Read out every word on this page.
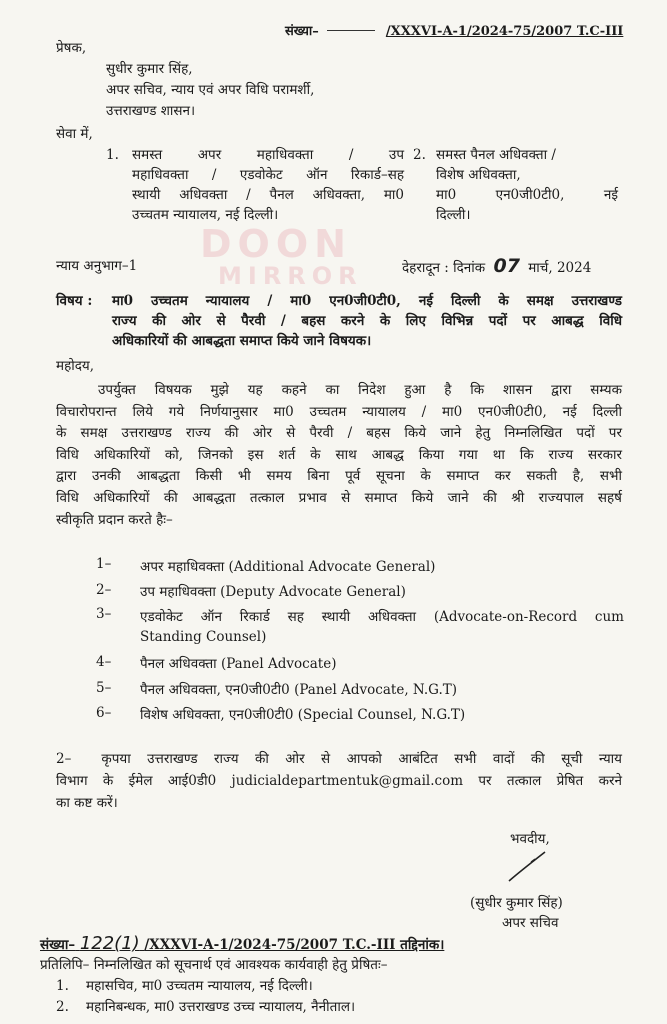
DOON
MIRROR
संख्या–	/XXXVI-A-1/2024-75/2007 T.C-III
प्रेषक,
सुधीर कुमार सिंह,
अपर सचिव, न्याय एवं अपर विधि परामर्शी,
उत्तराखण्ड शासन।
सेवा में,
1. समस्त अपर महाधिवक्ता / उप
महाधिवक्ता / एडवोकेट ऑन रिकार्ड–सह
स्थायी अधिवक्ता / पैनल अधिवक्ता, मा0
उच्चतम न्यायालय, नई दिल्ली।
2. समस्त पैनल अधिवक्ता /
विशेष अधिवक्ता,
मा0 एन0जी0टी0, नई
दिल्ली।
न्याय अनुभाग–1	देहरादून : दिनांक 07 मार्च, 2024
विषय : मा0 उच्चतम न्यायालय / मा0 एन0जी0टी0, नई दिल्ली के समक्ष उत्तराखण्ड
राज्य की ओर से पैरवी / बहस करने के लिए विभिन्न पदों पर आबद्ध विधि
अधिकारियों की आबद्धता समाप्त किये जाने विषयक।
महोदय,
उपर्युक्त विषयक मुझे यह कहने का निदेश हुआ है कि शासन द्वारा सम्यक
विचारोपरान्त लिये गये निर्णयानुसार मा0 उच्चतम न्यायालय / मा0 एन0जी0टी0, नई दिल्ली
के समक्ष उत्तराखण्ड राज्य की ओर से पैरवी / बहस किये जाने हेतु निम्नलिखित पदों पर
विधि अधिकारियों को, जिनको इस शर्त के साथ आबद्ध किया गया था कि राज्य सरकार
द्वारा उनकी आबद्धता किसी भी समय बिना पूर्व सूचना के समाप्त कर सकती है, सभी
विधि अधिकारियों की आबद्धता तत्काल प्रभाव से समाप्त किये जाने की श्री राज्यपाल सहर्ष
स्वीकृति प्रदान करते हैः–
1– अपर महाधिवक्ता (Additional Advocate General)
2– उप महाधिवक्ता (Deputy Advocate General)
3– एडवोकेट ऑन रिकार्ड सह स्थायी अधिवक्ता (Advocate-on-Record cum
Standing Counsel)
4– पैनल अधिवक्ता (Panel Advocate)
5– पैनल अधिवक्ता, एन0जी0टी0 (Panel Advocate, N.G.T)
6– विशेष अधिवक्ता, एन0जी0टी0 (Special Counsel, N.G.T)
2– कृपया उत्तराखण्ड राज्य की ओर से आपको आबंटित सभी वादों की सूची न्याय
विभाग के ईमेल आई0डी0 judicialdepartmentuk@gmail.com पर तत्काल प्रेषित करने
का कष्ट करें।
भवदीय,
(सुधीर कुमार सिंह)
अपर सचिव
संख्या– 122(1) /XXXVI-A-1/2024-75/2007 T.C.-III तद्दिनांक।
प्रतिलिपि– निम्नलिखित को सूचनार्थ एवं आवश्यक कार्यवाही हेतु प्रेषितः–
1. महासचिव, मा0 उच्चतम न्यायालय, नई दिल्ली।
2. महानिबन्धक, मा0 उत्तराखण्ड उच्च न्यायालय, नैनीताल।
